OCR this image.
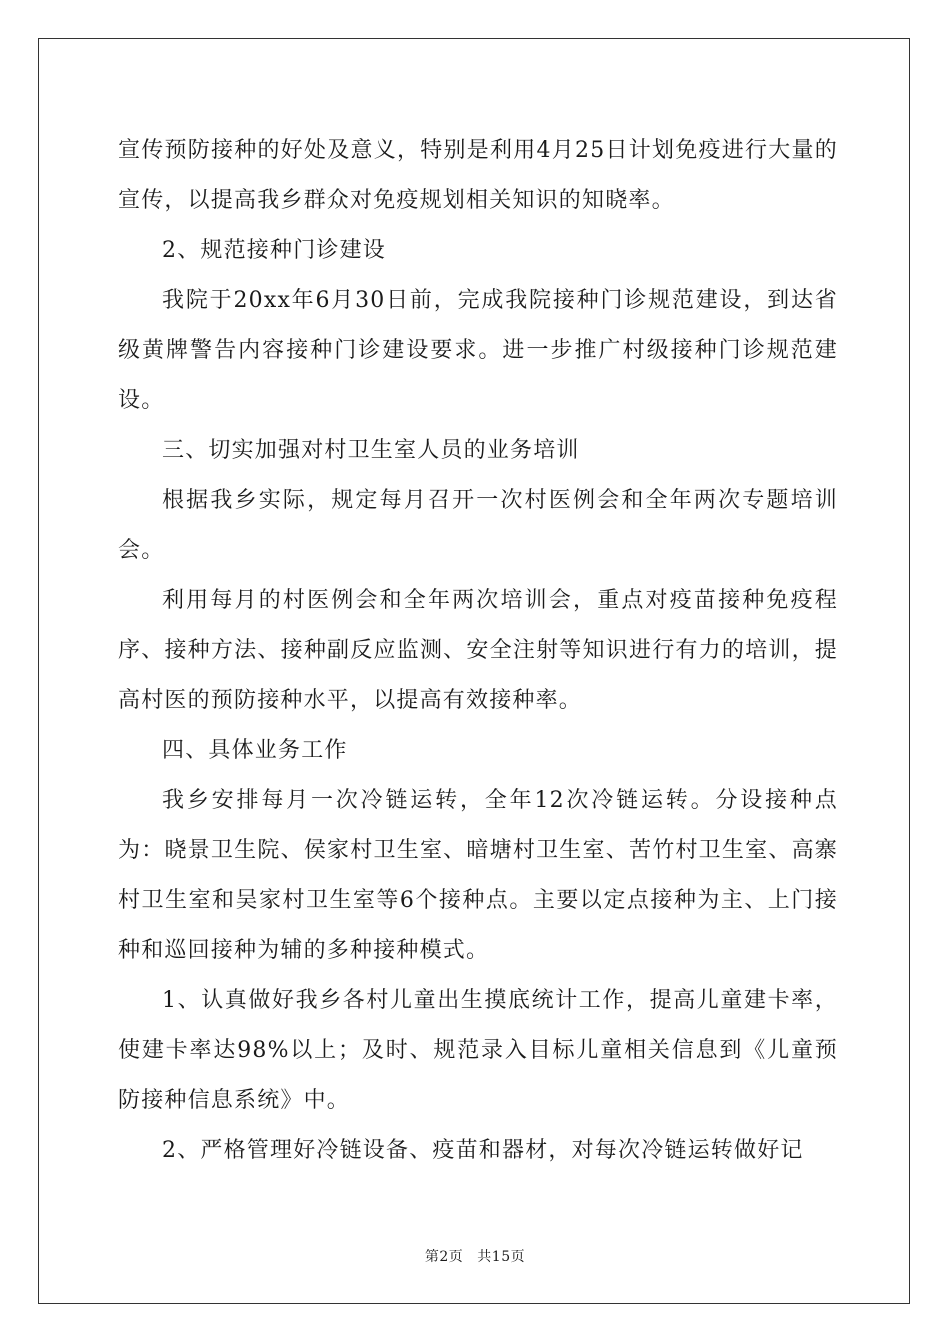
宣传预防接种的好处及意义，特别是利用4月25日计划免疫进行大量的宣传，以提高我乡群众对免疫规划相关知识的知晓率。

2、规范接种门诊建设

我院于20xx年6月30日前，完成我院接种门诊规范建设，到达省级黄牌警告内容接种门诊建设要求。进一步推广村级接种门诊规范建设。

三、切实加强对村卫生室人员的业务培训

根据我乡实际，规定每月召开一次村医例会和全年两次专题培训会。

利用每月的村医例会和全年两次培训会，重点对疫苗接种免疫程序、接种方法、接种副反应监测、安全注射等知识进行有力的培训，提高村医的预防接种水平，以提高有效接种率。

四、具体业务工作

我乡安排每月一次冷链运转，全年12次冷链运转。分设接种点为：晓景卫生院、侯家村卫生室、暗塘村卫生室、苦竹村卫生室、高寨村卫生室和吴家村卫生室等6个接种点。主要以定点接种为主、上门接种和巡回接种为辅的多种接种模式。

1、认真做好我乡各村儿童出生摸底统计工作，提高儿童建卡率，使建卡率达98%以上；及时、规范录入目标儿童相关信息到《儿童预防接种信息系统》中。

2、严格管理好冷链设备、疫苗和器材，对每次冷链运转做好记

第2页 共15页
